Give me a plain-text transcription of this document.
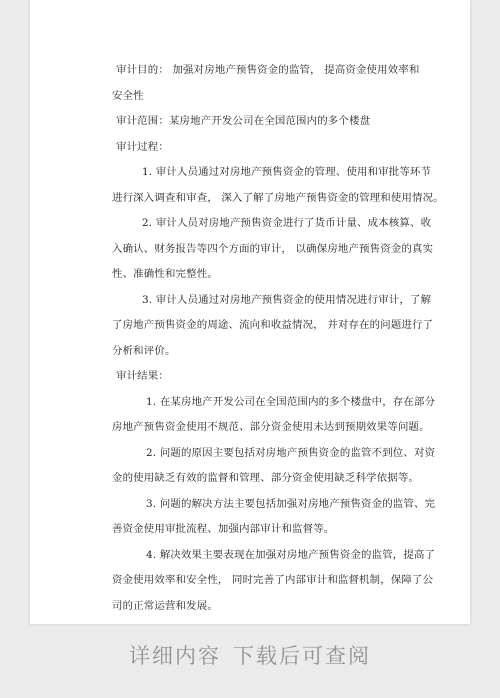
审计目的： 加强对房地产预售资金的监管， 提高资金使用效率和

安全性

审计范围：某房地产开发公司在全国范围内的多个楼盘

审计过程：

1. 审计人员通过对房地产预售资金的管理、使用和审批等环节

进行深入调查和审查， 深入了解了房地产预售资金的管理和使用情况。

2. 审计人员对房地产预售资金进行了货币计量、成本核算、收

入确认、财务报告等四个方面的审计， 以确保房地产预售资金的真实

性、准确性和完整性。

3. 审计人员通过对房地产预售资金的使用情况进行审计，了解

了房地产预售资金的周途、流向和收益情况， 并对存在的问题进行了

分析和评价。

审计结果：

1. 在某房地产开发公司在全国范围内的多个楼盘中，存在部分

房地产预售资金使用不规范、部分资金使用未达到预期效果等问题。

2. 问题的原因主要包括对房地产预售资金的监管不到位、对资

金的使用缺乏有效的监督和管理、部分资金使用缺乏科学依据等。

3. 问题的解决方法主要包括加强对房地产预售资金的监管、完

善资金使用审批流程、加强内部审计和监督等。

4. 解决效果主要表现在加强对房地产预售资金的监管，提高了

资金使用效率和安全性， 同时完善了内部审计和监督机制，保障了公

司的正常运营和发展。

详细内容 下载后可查阅
